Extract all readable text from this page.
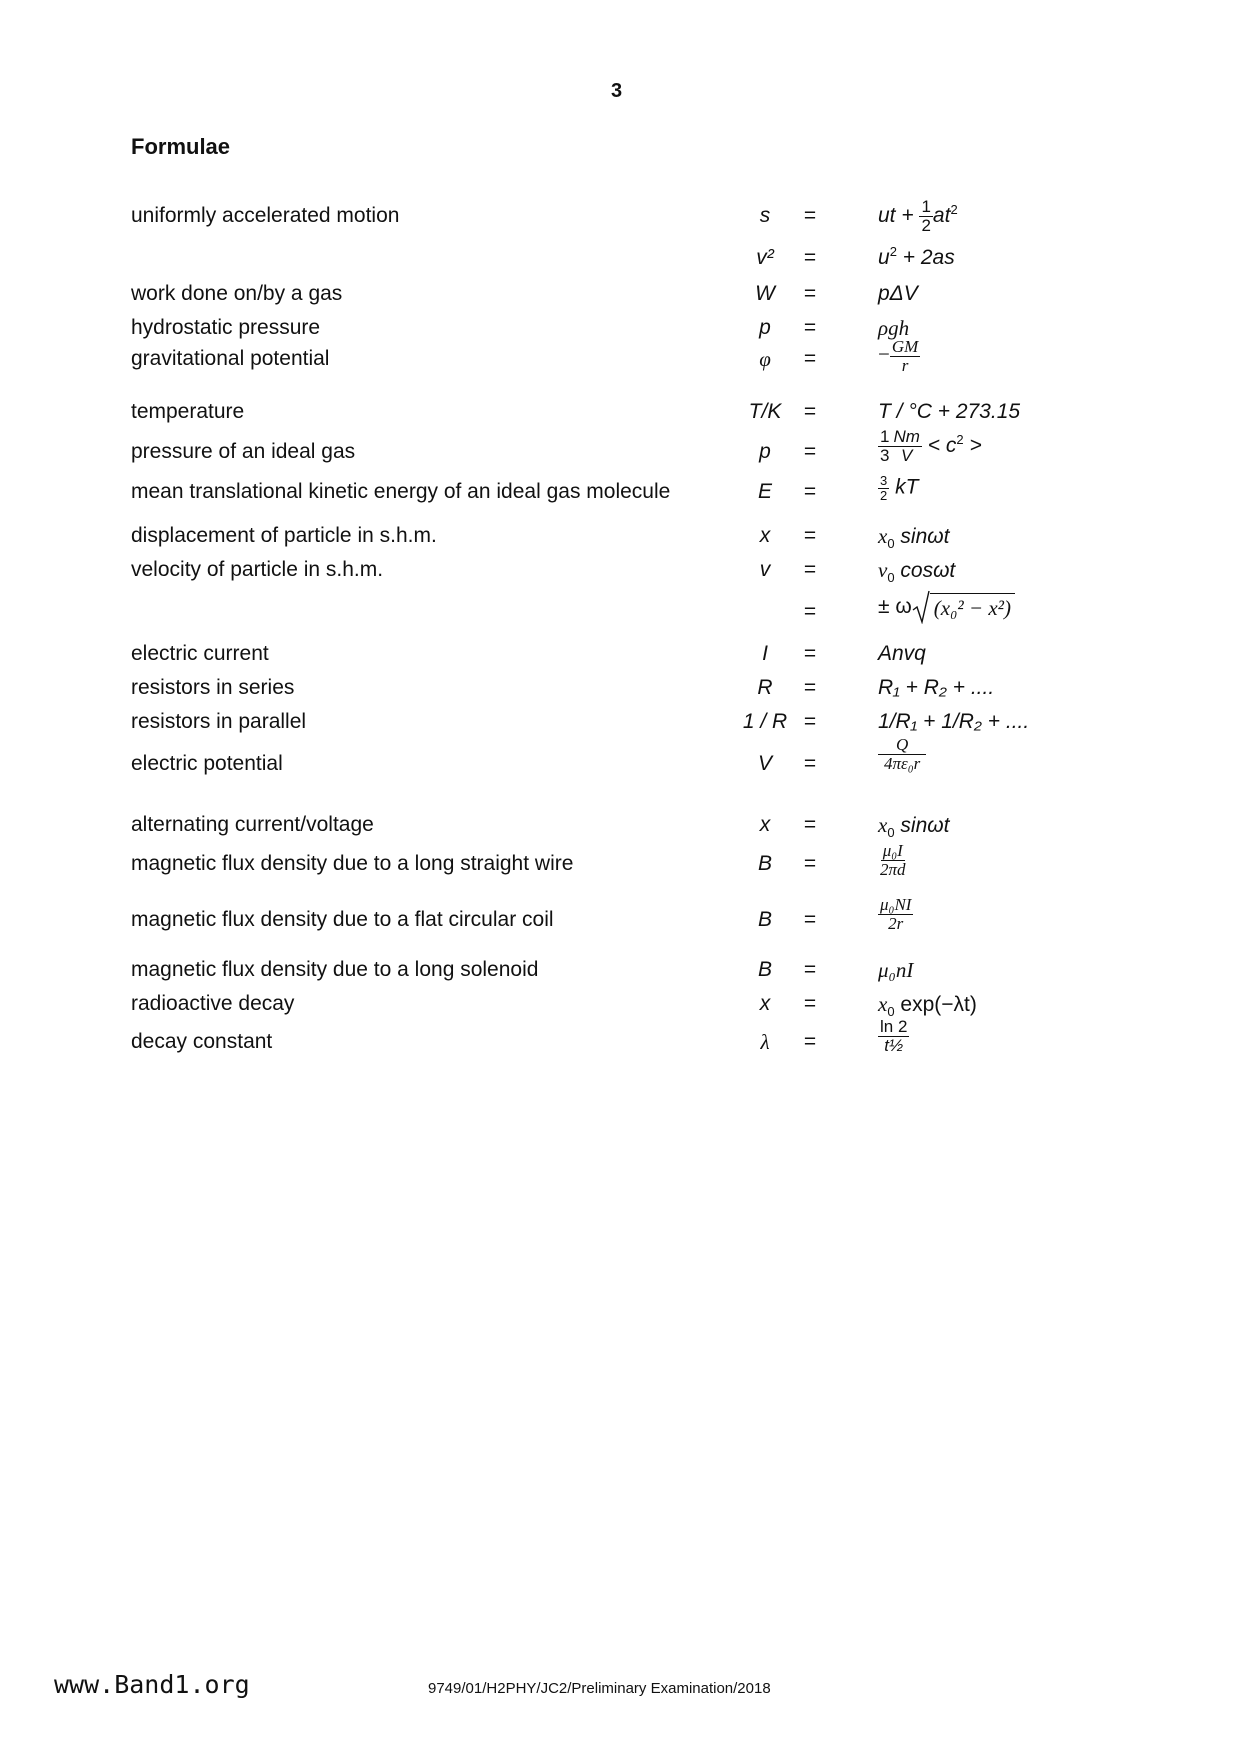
3
Formulae
uniformly accelerated motion
work done on/by a gas
hydrostatic pressure
gravitational potential
temperature
pressure of an ideal gas
mean translational kinetic energy of an ideal gas molecule
displacement of particle in s.h.m.
velocity of particle in s.h.m.
electric current
resistors in series
resistors in parallel
electric potential
alternating current/voltage
magnetic flux density due to a long straight wire
magnetic flux density due to a flat circular coil
magnetic flux density due to a long solenoid
radioactive decay
decay constant
s
v²
W
p
φ
T/K
p
E
x
v
I
R
1 / R
V
x
B
B
B
x
λ
=
=
=
=
=
=
=
=
=
=
=
=
=
=
=
=
=
=
=
=
=
ut + $\frac{1}{2} at^2$
$u^2 + 2as$
pΔV
ρgh
− $\frac{GM}{r}$
T / °C + 273.15
$\frac{1}{3} \frac{Nm}{V} < c^2$ >
$\frac{3}{2}$ kT
$x_0$ sinωt
$v_0$ cosωt
± ω (x₀² − x²)
Anvq
R₁ + R₂ + ....
1/R₁ + 1/R₂ + ....
$\frac{Q}{\text{4πε₀r}}$
$x_0$ sinωt
$\frac{\text{μ₀I}}{2\pi d}$
$\frac{\text{μ₀NI}}{2r}$
μ₀nI
$x_0$ exp(−λt)
$\frac{\ln 2}{\text{t½}}$
www.Band1.org	9749/01/H2PHY/JC2/Preliminary Examination/2018
